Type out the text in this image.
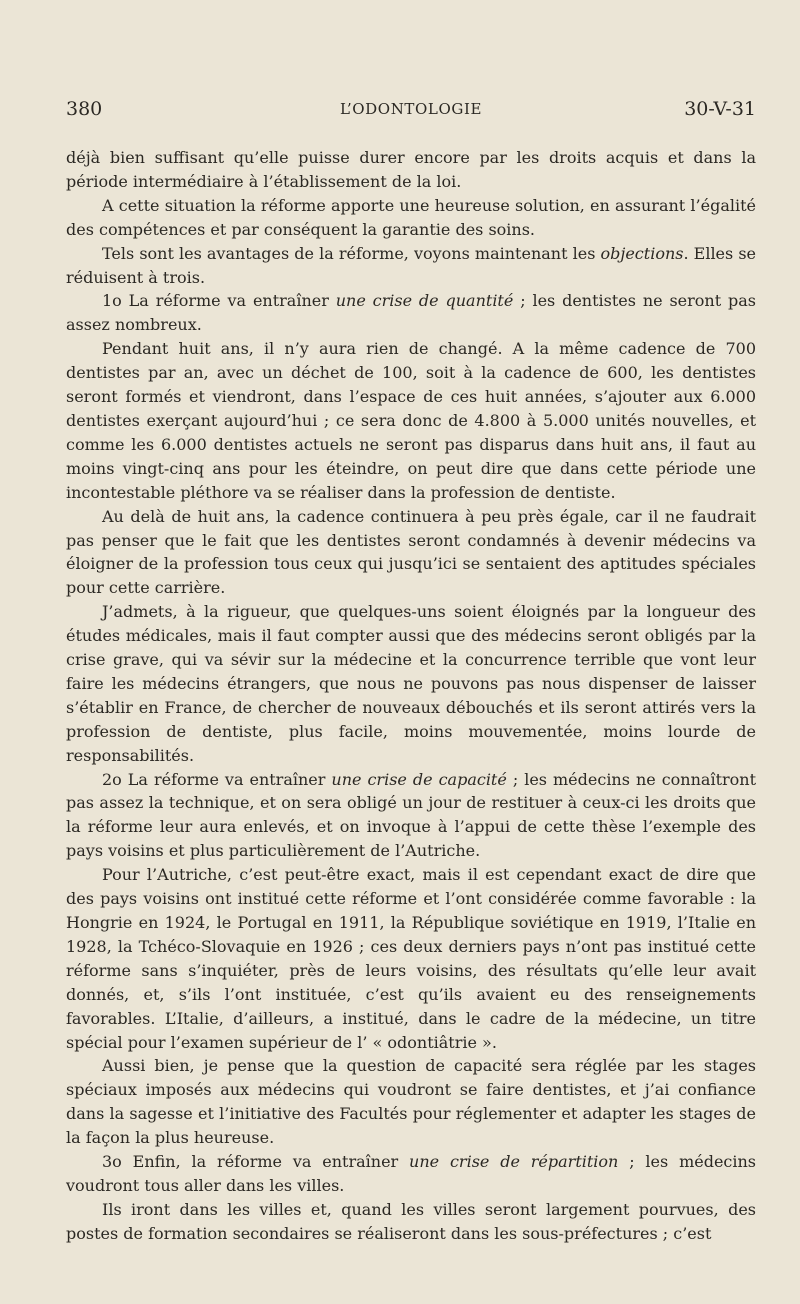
380	L’ODONTOLOGIE	30-V-31

déjà bien suffisant qu’elle puisse durer encore par les droits acquis et dans la période intermédiaire à l’établissement de la loi.

A cette situation la réforme apporte une heureuse solution, en assurant l’égalité des compétences et par conséquent la garantie des soins.

Tels sont les avantages de la réforme, voyons maintenant les objections. Elles se réduisent à trois.

1o La réforme va entraîner une crise de quantité ; les dentistes ne seront pas assez nombreux.

Pendant huit ans, il n’y aura rien de changé. A la même cadence de 700 dentistes par an, avec un déchet de 100, soit à la cadence de 600, les dentistes seront formés et viendront, dans l’espace de ces huit années, s’ajouter aux 6.000 dentistes exerçant aujourd’hui ; ce sera donc de 4.800 à 5.000 unités nouvelles, et comme les 6.000 dentistes actuels ne seront pas disparus dans huit ans, il faut au moins vingt-cinq ans pour les éteindre, on peut dire que dans cette période une incontestable pléthore va se réaliser dans la profession de dentiste.

Au delà de huit ans, la cadence continuera à peu près égale, car il ne faudrait pas penser que le fait que les dentistes seront condamnés à devenir médecins va éloigner de la profession tous ceux qui jusqu’ici se sentaient des aptitudes spéciales pour cette carrière.

J’admets, à la rigueur, que quelques-uns soient éloignés par la longueur des études médicales, mais il faut compter aussi que des médecins seront obligés par la crise grave, qui va sévir sur la médecine et la concurrence terrible que vont leur faire les médecins étrangers, que nous ne pouvons pas nous dispenser de laisser s’établir en France, de chercher de nouveaux débouchés et ils seront attirés vers la profession de dentiste, plus facile, moins mouvementée, moins lourde de responsabilités.

2o La réforme va entraîner une crise de capacité ; les médecins ne connaîtront pas assez la technique, et on sera obligé un jour de restituer à ceux-ci les droits que la réforme leur aura enlevés, et on invoque à l’appui de cette thèse l’exemple des pays voisins et plus particulièrement de l’Autriche.

Pour l’Autriche, c’est peut-être exact, mais il est cependant exact de dire que des pays voisins ont institué cette réforme et l’ont considérée comme favorable : la Hongrie en 1924, le Portugal en 1911, la République soviétique en 1919, l’Italie en 1928, la Tchéco-Slovaquie en 1926 ; ces deux derniers pays n’ont pas institué cette réforme sans s’inquiéter, près de leurs voisins, des résultats qu’elle leur avait donnés, et, s’ils l’ont instituée, c’est qu’ils avaient eu des renseignements favorables. L’Italie, d’ailleurs, a institué, dans le cadre de la médecine, un titre spécial pour l’examen supérieur de l’ « odontiâtrie ».

Aussi bien, je pense que la question de capacité sera réglée par les stages spéciaux imposés aux médecins qui voudront se faire dentistes, et j’ai confiance dans la sagesse et l’initiative des Facultés pour réglementer et adapter les stages de la façon la plus heureuse.

3o Enfin, la réforme va entraîner une crise de répartition ; les médecins voudront tous aller dans les villes.

Ils iront dans les villes et, quand les villes seront largement pourvues, des postes de formation secondaires se réaliseront dans les sous-préfectures ; c’est
